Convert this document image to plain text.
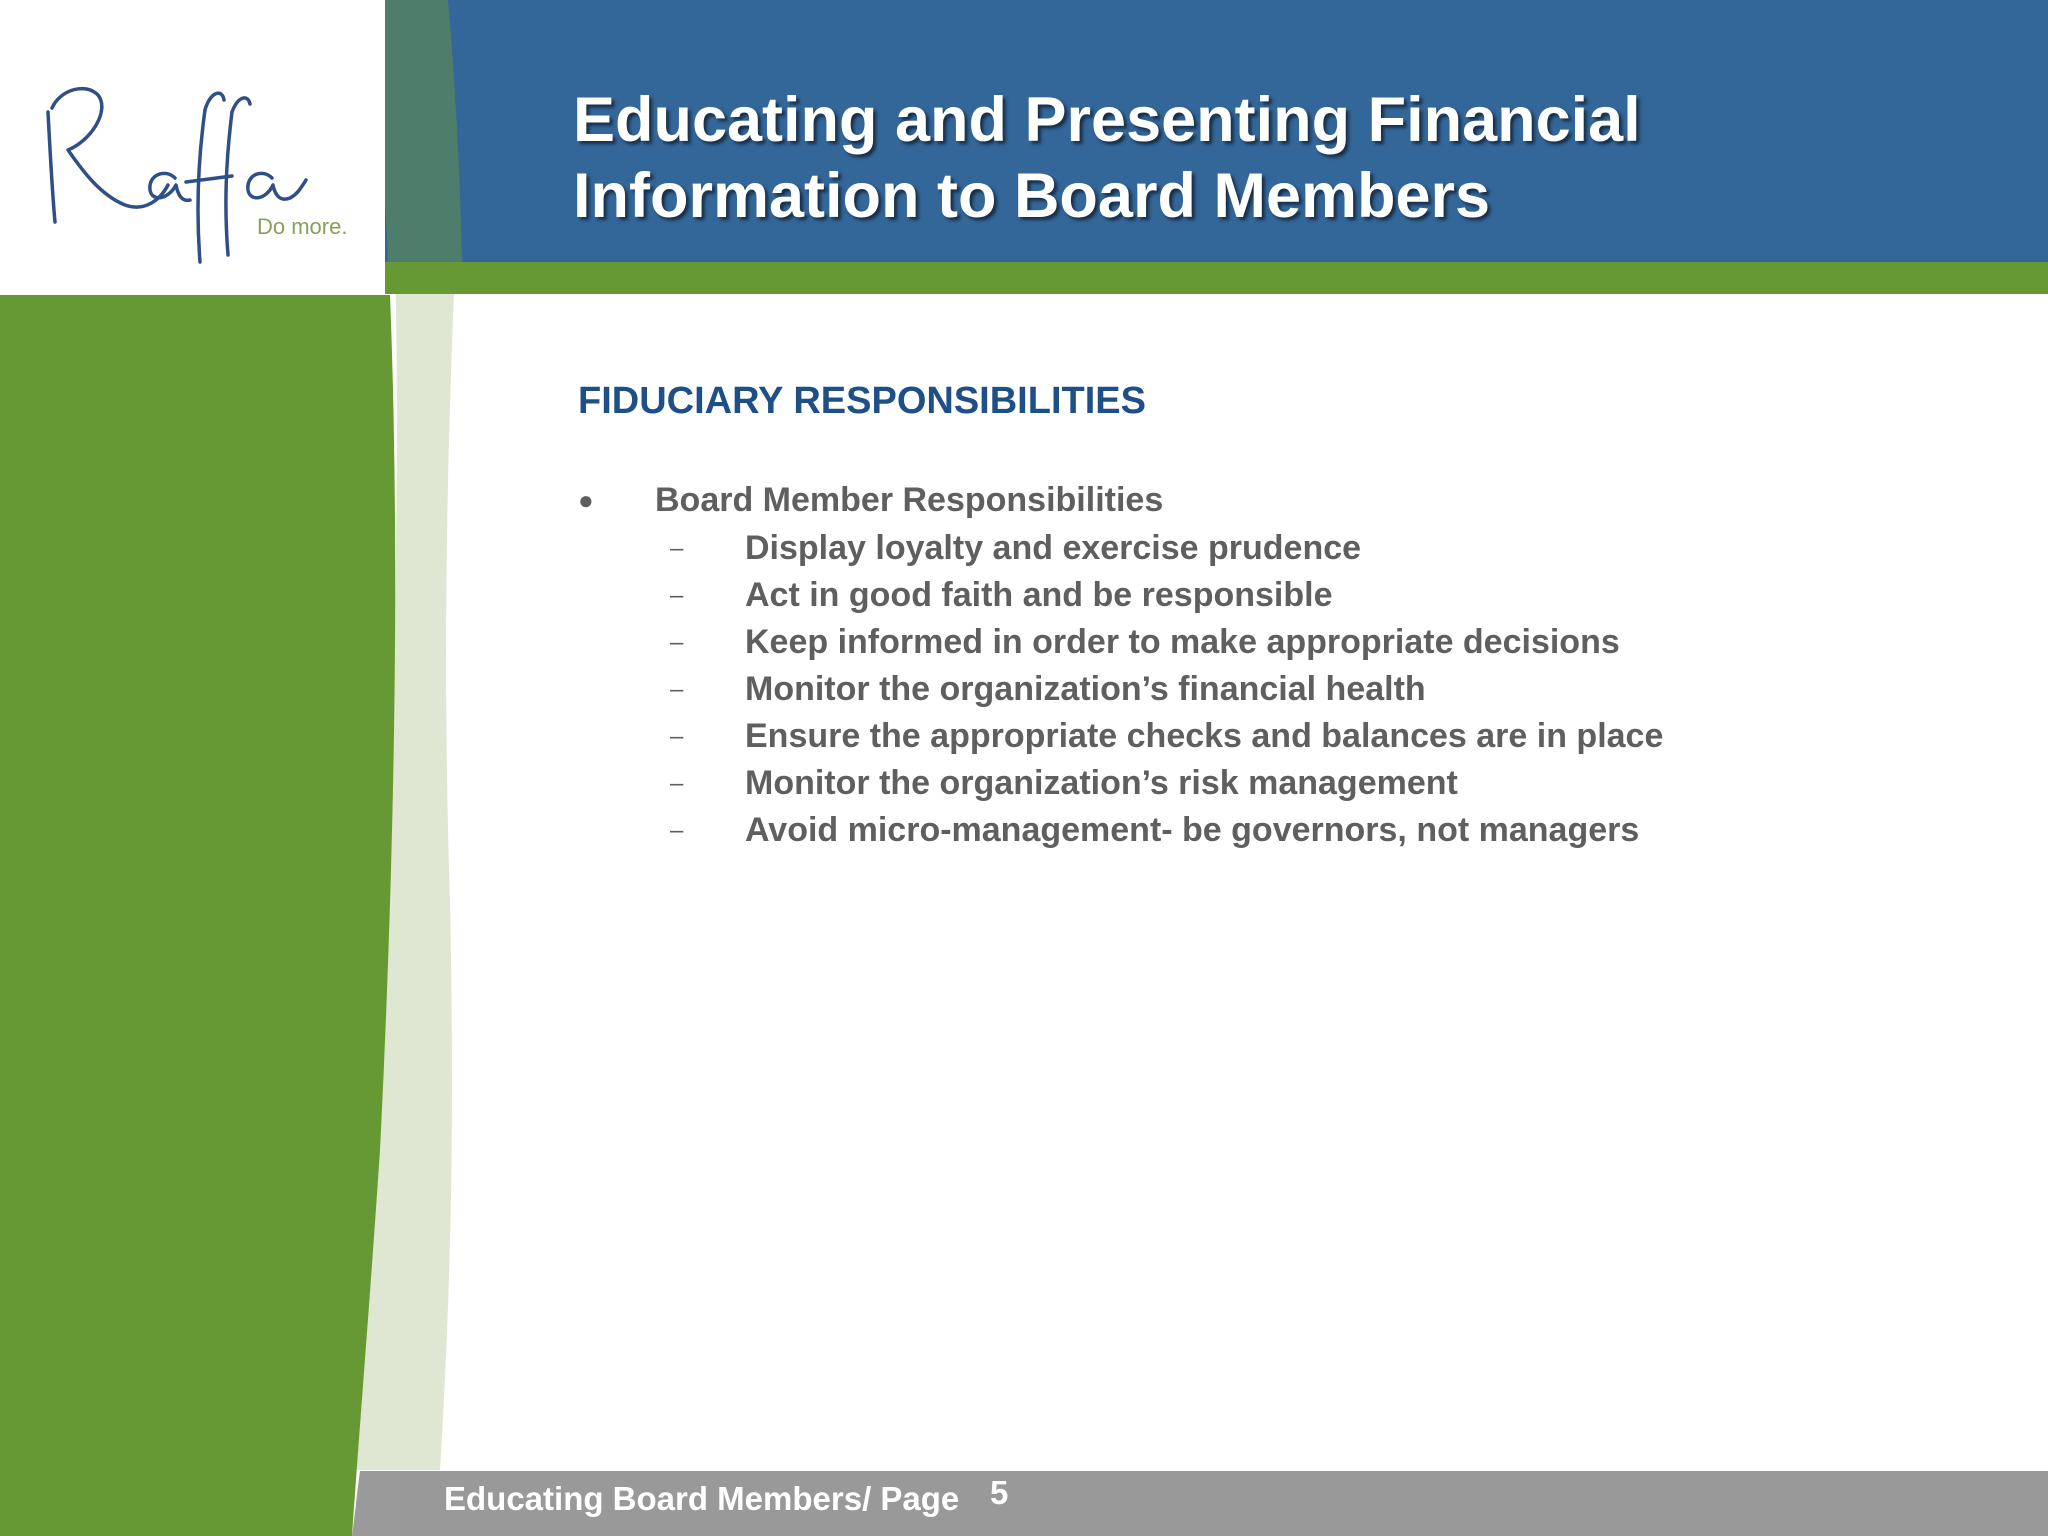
Do more.
Educating and Presenting Financial
Information to Board Members
FIDUCIARY RESPONSIBILITIES
● Board Member Responsibilities
– Display loyalty and exercise prudence
– Act in good faith and be responsible
– Keep informed in order to make appropriate decisions
– Monitor the organization’s financial health
– Ensure the appropriate checks and balances are in place
– Monitor the organization’s risk management
– Avoid micro-management- be governors, not managers
Educating Board Members/ Page 5
